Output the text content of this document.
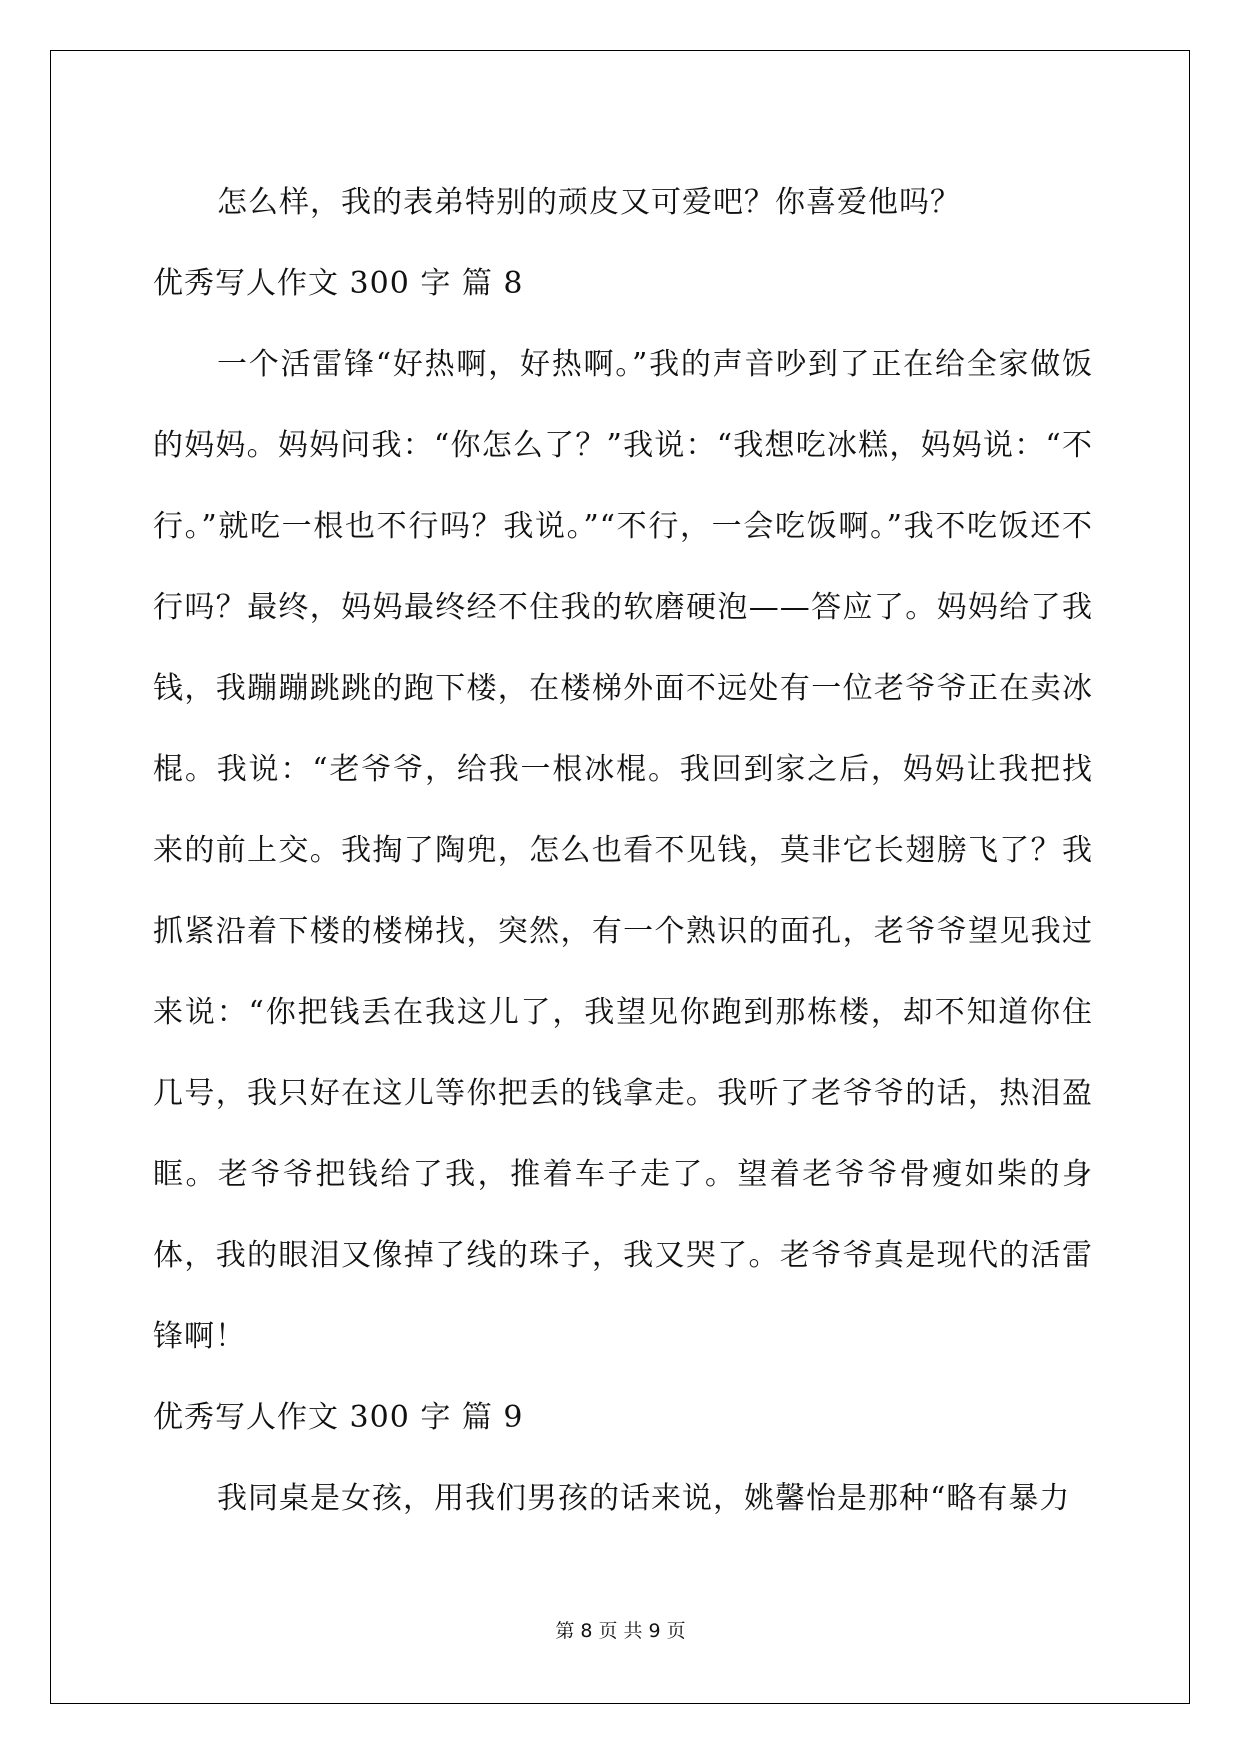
怎么样，我的表弟特别的顽皮又可爱吧？你喜爱他吗？

优秀写人作文 300 字 篇 8

一个活雷锋“好热啊，好热啊。”我的声音吵到了正在给全家做饭的妈妈。妈妈问我：“你怎么了？”我说：“我想吃冰糕，妈妈说：“不行。”就吃一根也不行吗？我说。”“不行，一会吃饭啊。”我不吃饭还不行吗？最终，妈妈最终经不住我的软磨硬泡——答应了。妈妈给了我钱，我蹦蹦跳跳的跑下楼，在楼梯外面不远处有一位老爷爷正在卖冰棍。我说：“老爷爷，给我一根冰棍。我回到家之后，妈妈让我把找来的前上交。我掏了陶兜，怎么也看不见钱，莫非它长翅膀飞了？我抓紧沿着下楼的楼梯找，突然，有一个熟识的面孔，老爷爷望见我过来说：“你把钱丢在我这儿了，我望见你跑到那栋楼，却不知道你住几号，我只好在这儿等你把丢的钱拿走。我听了老爷爷的话，热泪盈眶。老爷爷把钱给了我，推着车子走了。望着老爷爷骨瘦如柴的身体，我的眼泪又像掉了线的珠子，我又哭了。老爷爷真是现代的活雷锋啊！

优秀写人作文 300 字 篇 9

我同桌是女孩，用我们男孩的话来说，姚馨怡是那种“略有暴力

第 8 页 共 9 页
